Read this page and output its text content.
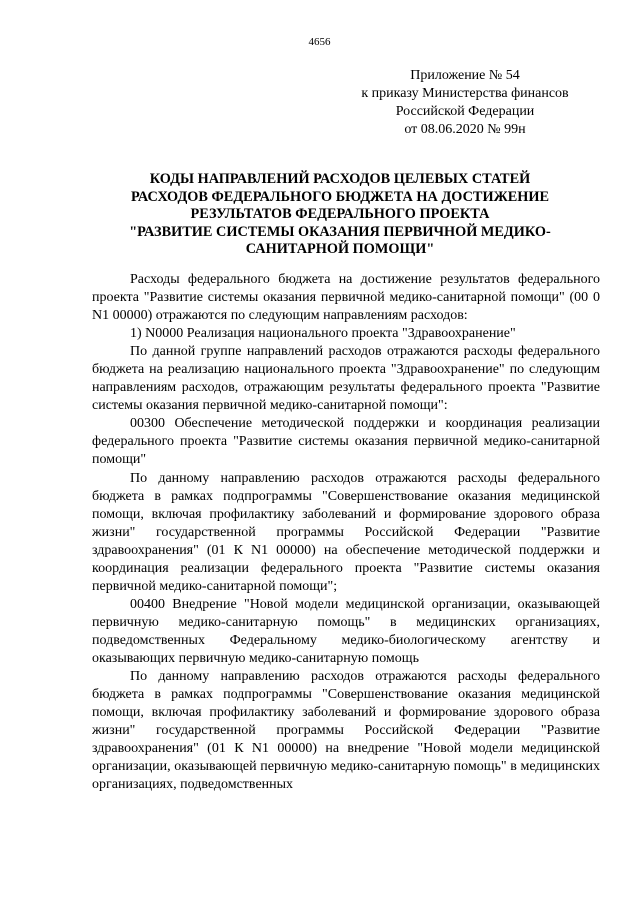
4656
Приложение № 54
к приказу Министерства финансов
Российской Федерации
от 08.06.2020 № 99н
КОДЫ НАПРАВЛЕНИЙ РАСХОДОВ ЦЕЛЕВЫХ СТАТЕЙ
РАСХОДОВ ФЕДЕРАЛЬНОГО БЮДЖЕТА НА ДОСТИЖЕНИЕ
РЕЗУЛЬТАТОВ ФЕДЕРАЛЬНОГО ПРОЕКТА
"РАЗВИТИЕ СИСТЕМЫ ОКАЗАНИЯ ПЕРВИЧНОЙ МЕДИКО-
САНИТАРНОЙ ПОМОЩИ"

Расходы федерального бюджета на достижение результатов федерального проекта "Развитие системы оказания первичной медико-санитарной помощи" (00 0 N1 00000) отражаются по следующим направлениям расходов:

1) N0000 Реализация национального проекта "Здравоохранение"

По данной группе направлений расходов отражаются расходы федерального бюджета на реализацию национального проекта "Здравоохранение" по следующим направлениям расходов, отражающим результаты федерального проекта "Развитие системы оказания первичной медико-санитарной помощи":

00300 Обеспечение методической поддержки и координация реализации федерального проекта "Развитие системы оказания первичной медико-санитарной помощи"

По данному направлению расходов отражаются расходы федерального бюджета в рамках подпрограммы "Совершенствование оказания медицинской помощи, включая профилактику заболеваний и формирование здорового образа жизни" государственной программы Российской Федерации "Развитие здравоохранения" (01 К N1 00000) на обеспечение методической поддержки и координация реализации федерального проекта "Развитие системы оказания первичной медико-санитарной помощи";

00400 Внедрение "Новой модели медицинской организации, оказывающей первичную медико-санитарную помощь" в медицинских организациях, подведомственных Федеральному медико-биологическому агентству и оказывающих первичную медико-санитарную помощь

По данному направлению расходов отражаются расходы федерального бюджета в рамках подпрограммы "Совершенствование оказания медицинской помощи, включая профилактику заболеваний и формирование здорового образа жизни" государственной программы Российской Федерации "Развитие здравоохранения" (01 К N1 00000) на внедрение "Новой модели медицинской организации, оказывающей первичную медико-санитарную помощь" в медицинских организациях, подведомственных
